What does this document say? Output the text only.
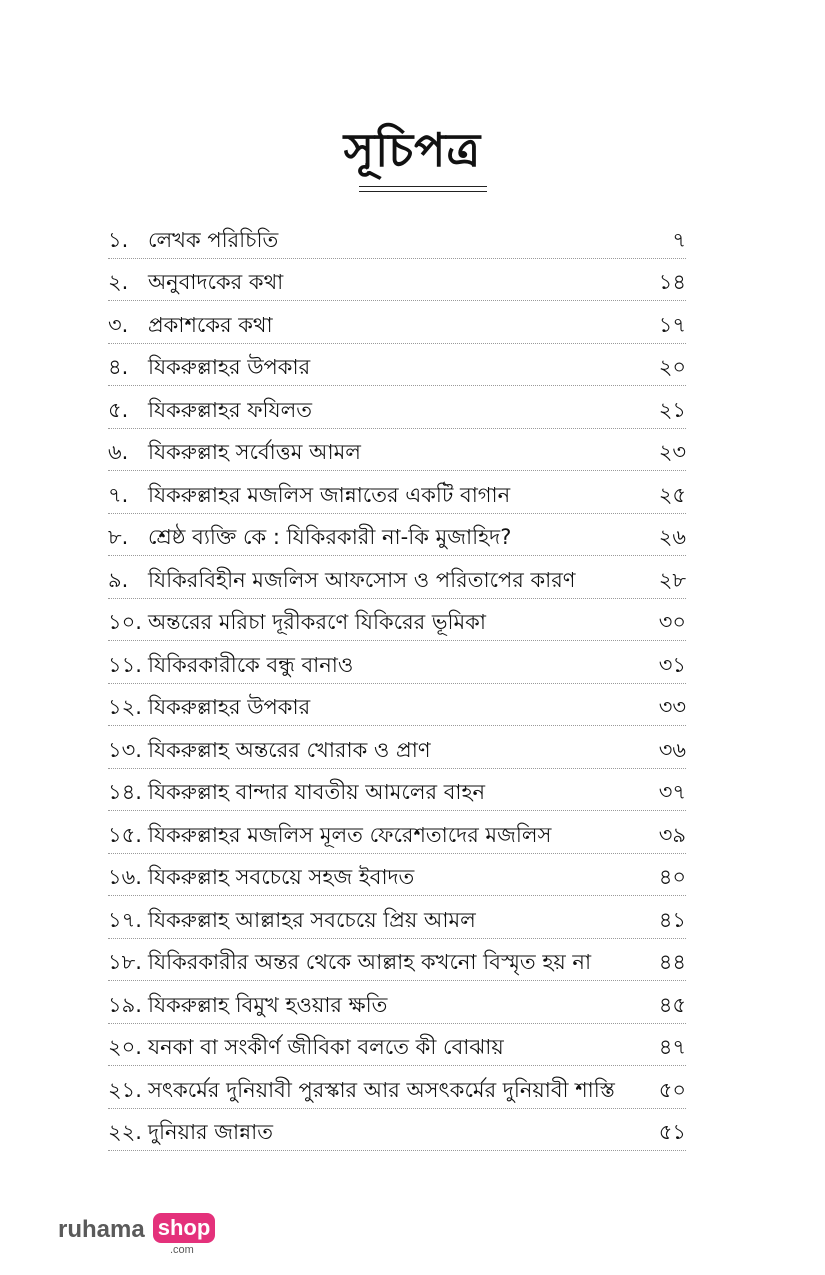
সূচিপত্র
১. লেখক পরিচিতি	৭
২. অনুবাদকের কথা	১৪
৩. প্রকাশকের কথা	১৭
৪. যিকরুল্লাহর উপকার	২০
৫. যিকরুল্লাহর ফযিলত	২১
৬. যিকরুল্লাহ সর্বোত্তম আমল	২৩
৭. যিকরুল্লাহর মজলিস জান্নাতের একটি বাগান	২৫
৮. শ্রেষ্ঠ ব্যক্তি কে : যিকিরকারী না-কি মুজাহিদ?	২৬
৯. যিকিরবিহীন মজলিস আফসোস ও পরিতাপের কারণ	২৮
১০. অন্তরের মরিচা দূরীকরণে যিকিরের ভূমিকা	৩০
১১. যিকিরকারীকে বন্ধু বানাও	৩১
১২. যিকরুল্লাহর উপকার	৩৩
১৩. যিকরুল্লাহ অন্তরের খোরাক ও প্রাণ	৩৬
১৪. যিকরুল্লাহ বান্দার যাবতীয় আমলের বাহন	৩৭
১৫. যিকরুল্লাহর মজলিস মূলত ফেরেশতাদের মজলিস	৩৯
১৬. যিকরুল্লাহ সবচেয়ে সহজ ইবাদত	৪০
১৭. যিকরুল্লাহ আল্লাহর সবচেয়ে প্রিয় আমল	৪১
১৮. যিকিরকারীর অন্তর থেকে আল্লাহ কখনো বিস্মৃত হয় না	৪৪
১৯. যিকরুল্লাহ বিমুখ হওয়ার ক্ষতি	৪৫
২০. যনকা বা সংকীর্ণ জীবিকা বলতে কী বোঝায়	৪৭
২১. সৎকর্মের দুনিয়াবী পুরস্কার আর অসৎকর্মের দুনিয়াবী শাস্তি ৫০
২২. দুনিয়ার জান্নাত	৫১
ruhama shop
.com
